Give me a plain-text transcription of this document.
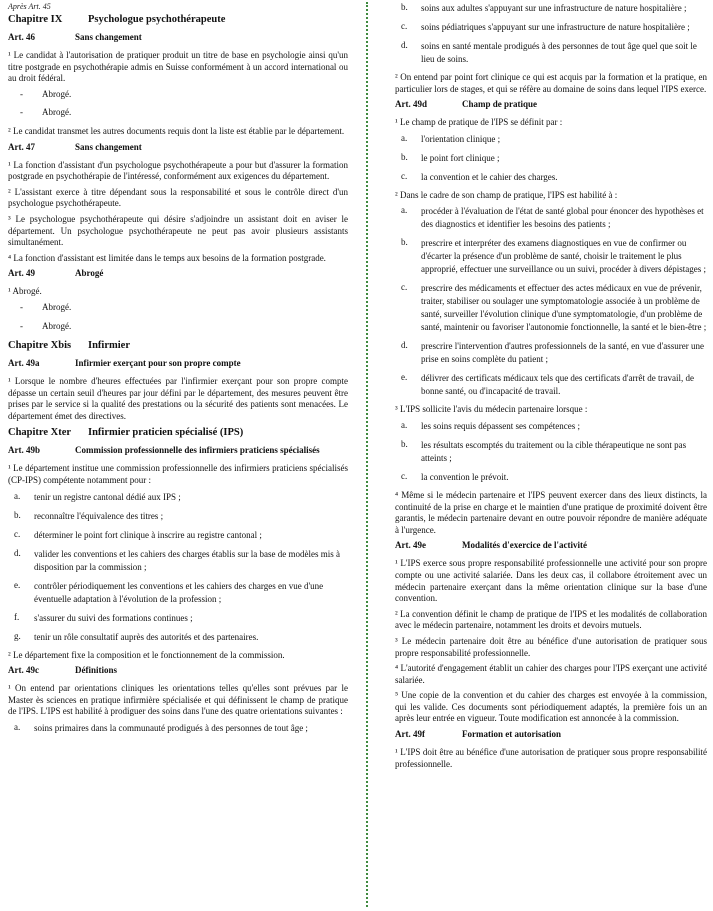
Après Art. 45
Chapitre IX	Psychologue psychothérapeute
Art. 46	Sans changement
¹ Le candidat à l'autorisation de pratiquer produit un titre de base en psychologie ainsi qu'un titre postgrade en psychothérapie admis en Suisse conformément à un accord international ou au droit fédéral.
-	Abrogé.
-	Abrogé.
² Le candidat transmet les autres documents requis dont la liste est établie par le département.
Art. 47	Sans changement
¹ La fonction d'assistant d'un psychologue psychothérapeute a pour but d'assurer la formation postgrade en psychothérapie de l'intéressé, conformément aux exigences du département.
² L'assistant exerce à titre dépendant sous la responsabilité et sous le contrôle direct d'un psychologue psychothérapeute.
³ Le psychologue psychothérapeute qui désire s'adjoindre un assistant doit en aviser le département. Un psychologue psychothérapeute ne peut pas avoir plusieurs assistants simultanément.
⁴ La fonction d'assistant est limitée dans le temps aux besoins de la formation postgrade.
Art. 49	Abrogé
¹ Abrogé.
-	Abrogé.
-	Abrogé.
Chapitre Xbis	Infirmier
Art. 49a	Infirmier exerçant pour son propre compte
¹ Lorsque le nombre d'heures effectuées par l'infirmier exerçant pour son propre compte dépasse un certain seuil d'heures par jour défini par le département, des mesures peuvent être prises par le service si la qualité des prestations ou la sécurité des patients sont menacées. Le département émet des directives.
Chapitre Xter	Infirmier praticien spécialisé (IPS)
Art. 49b	Commission professionnelle des infirmiers praticiens spécialisés
¹ Le département institue une commission professionnelle des infirmiers praticiens spécialisés (CP-IPS) compétente notamment pour :
a.	tenir un registre cantonal dédié aux IPS ;
b.	reconnaître l'équivalence des titres ;
c.	déterminer le point fort clinique à inscrire au registre cantonal ;
d.	valider les conventions et les cahiers des charges établis sur la base de modèles mis à disposition par la commission ;
e.	contrôler périodiquement les conventions et les cahiers des charges en vue d'une éventuelle adaptation à l'évolution de la profession ;
f.	s'assurer du suivi des formations continues ;
g.	tenir un rôle consultatif auprès des autorités et des partenaires.
² Le département fixe la composition et le fonctionnement de la commission.
Art. 49c	Définitions
¹ On entend par orientations cliniques les orientations telles qu'elles sont prévues par le Master ès sciences en pratique infirmière spécialisée et qui définissent le champ de pratique de l'IPS. L'IPS est habilité à prodiguer des soins dans l'une des quatre orientations suivantes :
a.	soins primaires dans la communauté prodigués à des personnes de tout âge ;
b.	soins aux adultes s'appuyant sur une infrastructure de nature hospitalière ;
c.	soins pédiatriques s'appuyant sur une infrastructure de nature hospitalière ;
d.	soins en santé mentale prodigués à des personnes de tout âge quel que soit le lieu de soins.
² On entend par point fort clinique ce qui est acquis par la formation et la pratique, en particulier lors de stages, et qui se réfère au domaine de soins dans lequel l'IPS exerce.
Art. 49d	Champ de pratique
¹ Le champ de pratique de l'IPS se définit par :
a.	l'orientation clinique ;
b.	le point fort clinique ;
c.	la convention et le cahier des charges.
² Dans le cadre de son champ de pratique, l'IPS est habilité à :
a.	procéder à l'évaluation de l'état de santé global pour énoncer des hypothèses et des diagnostics et identifier les besoins des patients ;
b.	prescrire et interpréter des examens diagnostiques en vue de confirmer ou d'écarter la présence d'un problème de santé, choisir le traitement le plus approprié, effectuer une surveillance ou un suivi, procéder à divers dépistages ;
c.	prescrire des médicaments et effectuer des actes médicaux en vue de prévenir, traiter, stabiliser ou soulager une symptomatologie associée à un problème de santé, surveiller l'évolution clinique d'une symptomatologie, d'un problème de santé, maintenir ou favoriser l'autonomie fonctionnelle, la santé et le bien-être ;
d.	prescrire l'intervention d'autres professionnels de la santé, en vue d'assurer une prise en soins complète du patient ;
e.	délivrer des certificats médicaux tels que des certificats d'arrêt de travail, de bonne santé, ou d'incapacité de travail.
³ L'IPS sollicite l'avis du médecin partenaire lorsque :
a.	les soins requis dépassent ses compétences ;
b.	les résultats escomptés du traitement ou la cible thérapeutique ne sont pas atteints ;
c.	la convention le prévoit.
⁴ Même si le médecin partenaire et l'IPS peuvent exercer dans des lieux distincts, la continuité de la prise en charge et le maintien d'une pratique de proximité doivent être garantis, le médecin partenaire devant en outre pouvoir répondre de manière adéquate à l'urgence.
Art. 49e	Modalités d'exercice de l'activité
¹ L'IPS exerce sous propre responsabilité professionnelle une activité pour son propre compte ou une activité salariée. Dans les deux cas, il collabore étroitement avec un médecin partenaire exerçant dans la même orientation clinique sur la base d'une convention.
² La convention définit le champ de pratique de l'IPS et les modalités de collaboration avec le médecin partenaire, notamment les droits et devoirs mutuels.
³ Le médecin partenaire doit être au bénéfice d'une autorisation de pratiquer sous propre responsabilité professionnelle.
⁴ L'autorité d'engagement établit un cahier des charges pour l'IPS exerçant une activité salariée.
⁵ Une copie de la convention et du cahier des charges est envoyée à la commission, qui les valide. Ces documents sont périodiquement adaptés, la première fois un an après leur entrée en vigueur. Toute modification est annoncée à la commission.
Art. 49f	Formation et autorisation
¹ L'IPS doit être au bénéfice d'une autorisation de pratiquer sous propre responsabilité professionnelle.
